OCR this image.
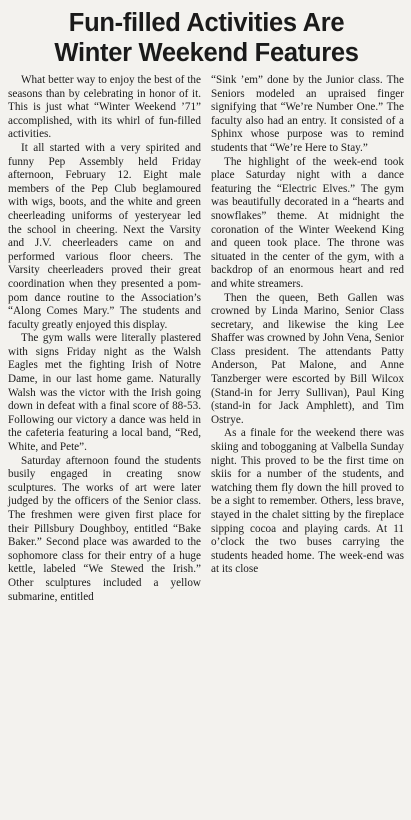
Fun-filled Activities Are
Winter Weekend Features

What better way to enjoy the best of the seasons than by celebrating in honor of it. This is just what “Winter Weekend ’71” accomplished, with its whirl of fun-filled activities.

It all started with a very spirited and funny Pep Assembly held Friday afternoon, February 12. Eight male members of the Pep Club beglamoured with wigs, boots, and the white and green cheerleading uniforms of yesteryear led the school in cheering. Next the Varsity and J.V. cheerleaders came on and performed various floor cheers. The Varsity cheerleaders proved their great coordination when they presented a pom-pom dance routine to the Association’s “Along Comes Mary.” The students and faculty greatly enjoyed this display.

The gym walls were literally plastered with signs Friday night as the Walsh Eagles met the fighting Irish of Notre Dame, in our last home game. Naturally Walsh was the victor with the Irish going down in defeat with a final score of 88-53. Following our victory a dance was held in the cafeteria featuring a local band, “Red, White, and Pete”.

Saturday afternoon found the students busily engaged in creating snow sculptures. The works of art were later judged by the officers of the Senior class. The freshmen were given first place for their Pillsbury Doughboy, entitled “Bake Baker.” Second place was awarded to the sophomore class for their entry of a huge kettle, labeled “We Stewed the Irish.” Other sculptures included a yellow submarine, entitled

“Sink ’em” done by the Junior class. The Seniors modeled an upraised finger signifying that “We’re Number One.” The faculty also had an entry. It consisted of a Sphinx whose purpose was to remind students that “We’re Here to Stay.”

The highlight of the week-end took place Saturday night with a dance featuring the “Electric Elves.” The gym was beautifully decorated in a “hearts and snowflakes” theme. At midnight the coronation of the Winter Weekend King and queen took place. The throne was situated in the center of the gym, with a backdrop of an enormous heart and red and white streamers.

Then the queen, Beth Gallen was crowned by Linda Marino, Senior Class secretary, and likewise the king Lee Shaffer was crowned by John Vena, Senior Class president. The attendants Patty Anderson, Pat Malone, and Anne Tanzberger were escorted by Bill Wilcox (Stand-in for Jerry Sullivan), Paul King (stand-in for Jack Amphlett), and Tim Ostrye.

As a finale for the weekend there was skiing and tobogganing at Valbella Sunday night. This proved to be the first time on skiis for a number of the students, and watching them fly down the hill proved to be a sight to remember. Others, less brave, stayed in the chalet sitting by the fireplace sipping cocoa and playing cards. At 11 o’clock the two buses carrying the students headed home. The week-end was at its close
